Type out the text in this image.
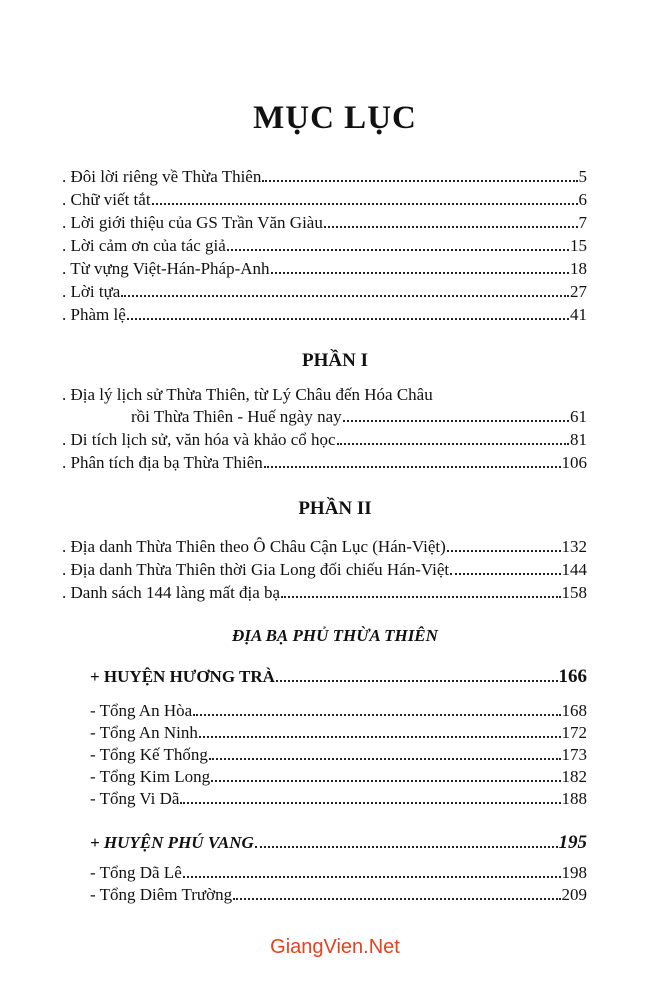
MỤC LỤC
. Đôi lời riêng về Thừa Thiên	5
. Chữ viết tắt	6
. Lời giới thiệu của GS Trần Văn Giàu	7
. Lời cảm ơn của tác giả	15
. Từ vựng Việt-Hán-Pháp-Anh	18
. Lời tựa	27
. Phàm lệ	41
PHẦN I
. Địa lý lịch sử Thừa Thiên, từ Lý Châu đến Hóa Châu
rồi Thừa Thiên - Huế ngày nay	61
. Di tích lịch sử, văn hóa và khảo cổ học	81
. Phân tích địa bạ Thừa Thiên	106
PHẦN II
. Địa danh Thừa Thiên theo Ô Châu Cận Lục (Hán-Việt)	132
. Địa danh Thừa Thiên thời Gia Long đối chiếu Hán-Việt	144
. Danh sách 144 làng mất địa bạ	158
ĐỊA BẠ PHỦ THỪA THIÊN
+ HUYỆN HƯƠNG TRÀ	166
- Tổng An Hòa	168
- Tổng An Ninh	172
- Tổng Kế Thống	173
- Tổng Kim Long	182
- Tổng Vi Dã	188
+ HUYỆN PHÚ VANG	195
- Tổng Dã Lê	198
- Tổng Diêm Trường	209
GiangVien.Net
